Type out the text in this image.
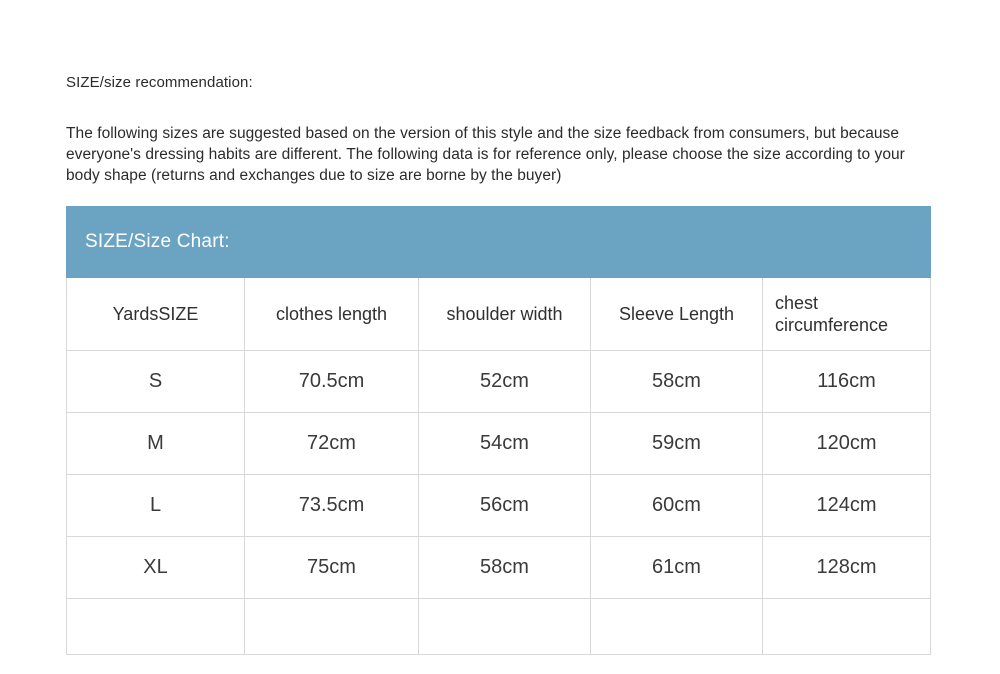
SIZE/size recommendation:
The following sizes are suggested based on the version of this style and the size feedback from consumers, but because everyone's dressing habits are different. The following data is for reference only, please choose the size according to your body shape (returns and exchanges due to size are borne by the buyer)
SIZE/Size Chart:				
YardsSIZE	clothes length	shoulder width	Sleeve Length	chest circumference
S	70.5cm	52cm	58cm	116cm
M	72cm	54cm	59cm	120cm
L	73.5cm	56cm	60cm	124cm
XL	75cm	58cm	61cm	128cm
